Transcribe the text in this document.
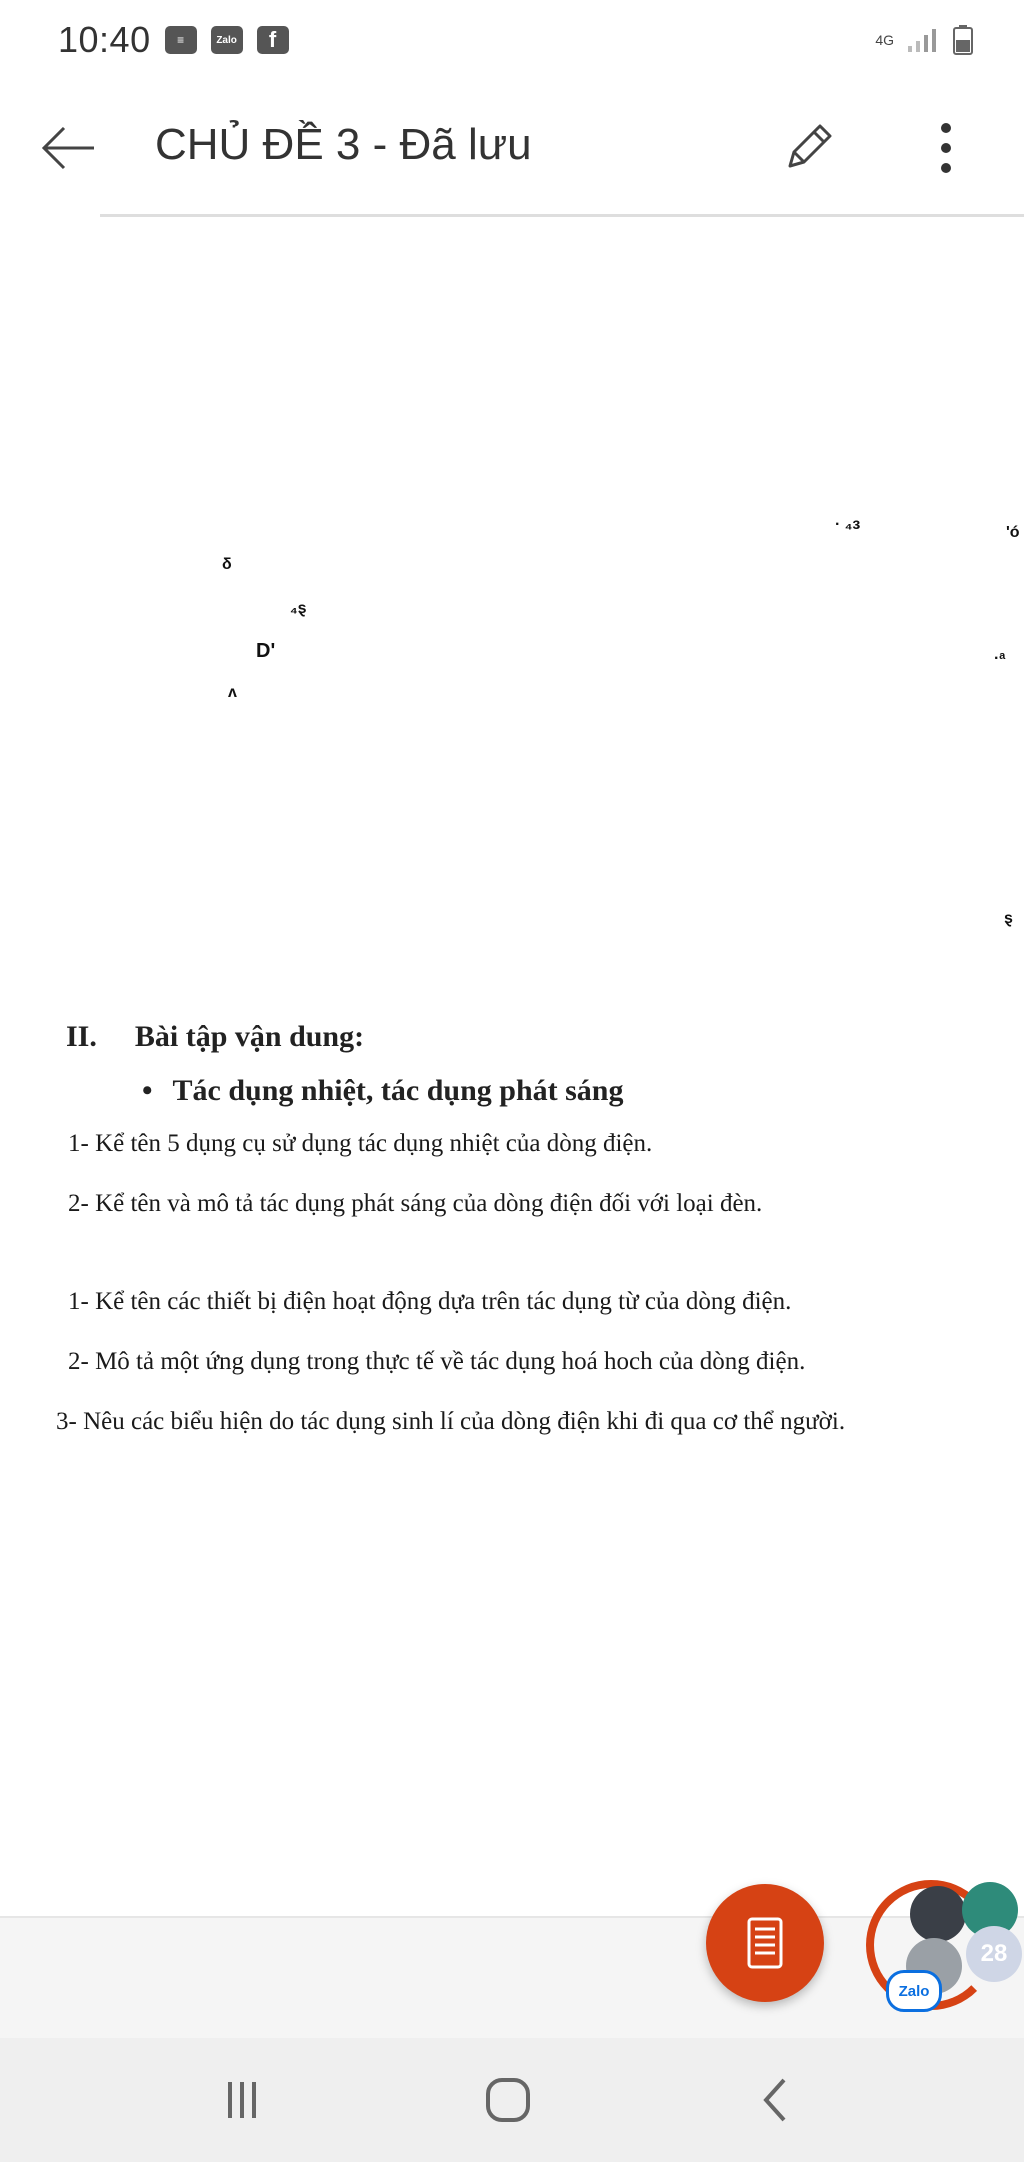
10:40	≡	Zalo	f	4G
CHỦ ĐỀ 3 - Đã lưu
δ
₄ȿ
D'
ᴧ
· ₄ɜ	'ó
·ᵃ
ȿ
II. Bài tập vận dung:
• Tác dụng nhiệt, tác dụng phát sáng
1- Kể tên 5 dụng cụ sử dụng tác dụng nhiệt của dòng điện.
2- Kể tên và mô tả tác dụng phát sáng của dòng điện đối với loại đèn.
1- Kể tên các thiết bị điện hoạt động dựa trên tác dụng từ của dòng điện.
2- Mô tả một ứng dụng trong thực tế về tác dụng hoá hoch của dòng điện.
3- Nêu các biểu hiện do tác dụng sinh lí của dòng điện khi đi qua cơ thể người.
28
Zalo
